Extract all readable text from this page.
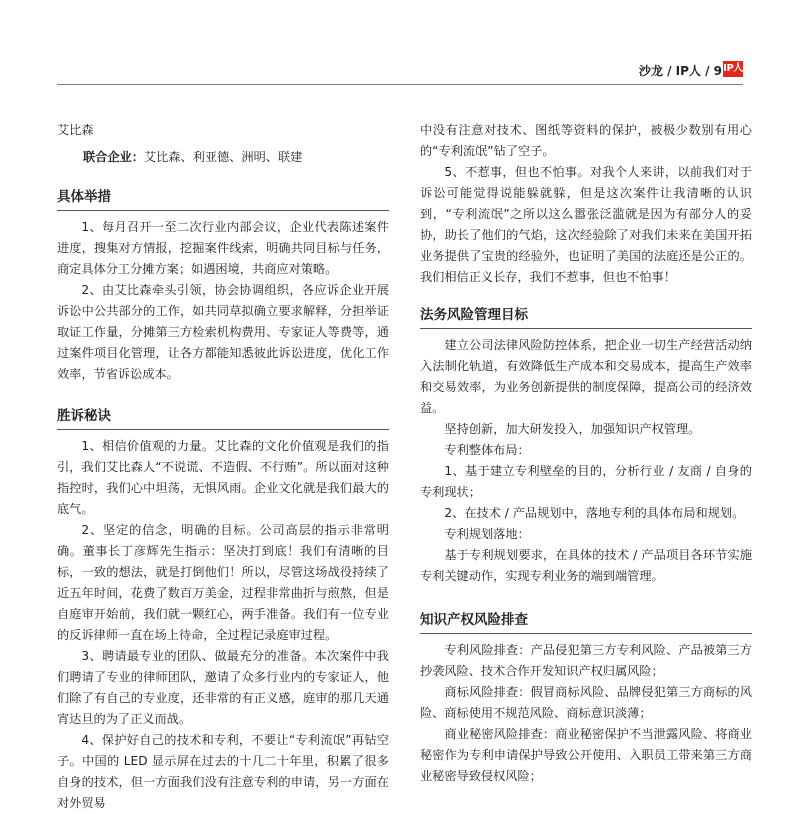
沙龙 / IP人 / 9 IP人

艾比森

联合企业：艾比森、利亚德、洲明、联建

具体举措

1、每月召开一至二次行业内部会议，企业代表陈述案件进度，搜集对方情报，挖掘案件线索，明确共同目标与任务，商定具体分工分摊方案；如遇困境，共商应对策略。

2、由艾比森牵头引领，协会协调组织，各应诉企业开展诉讼中公共部分的工作，如共同草拟确立要求解释，分担举证取证工作量，分摊第三方检索机构费用、专家证人等费等，通过案件项目化管理，让各方都能知悉彼此诉讼进度，优化工作效率，节省诉讼成本。

胜诉秘诀

1、相信价值观的力量。艾比森的文化价值观是我们的指引，我们艾比森人“不说谎、不造假、不行贿”。所以面对这种指控时，我们心中坦荡，无惧风雨。企业文化就是我们最大的底气。

2、坚定的信念，明确的目标。公司高层的指示非常明确。董事长丁彦辉先生指示：坚决打到底！我们有清晰的目标，一致的想法，就是打倒他们！所以，尽管这场战役持续了近五年时间，花费了数百万美金，过程非常曲折与煎熬，但是自庭审开始前，我们就一颗红心，两手准备。我们有一位专业的反诉律师一直在场上待命，全过程记录庭审过程。

3、聘请最专业的团队、做最充分的准备。本次案件中我们聘请了专业的律师团队，邀请了众多行业内的专家证人，他们除了有自己的专业度，还非常的有正义感，庭审的那几天通宵达旦的为了正义而战。

4、保护好自己的技术和专利，不要让“专利流氓”再钻空子。中国的 LED 显示屏在过去的十几二十年里，积累了很多自身的技术，但一方面我们没有注意专利的申请，另一方面在对外贸易

中没有注意对技术、图纸等资料的保护，被极少数别有用心的“专利流氓”钻了空子。

5、不惹事，但也不怕事。对我个人来讲，以前我们对于诉讼可能觉得说能躲就躲，但是这次案件让我清晰的认识到，“专利流氓”之所以这么嚣张泛滥就是因为有部分人的妥协，助长了他们的气焰，这次经验除了对我们未来在美国开拓业务提供了宝贵的经验外，也证明了美国的法庭还是公正的。我们相信正义长存，我们不惹事，但也不怕事！

法务风险管理目标

建立公司法律风险防控体系，把企业一切生产经营活动纳入法制化轨道，有效降低生产成本和交易成本，提高生产效率和交易效率，为业务创新提供的制度保障，提高公司的经济效益。

坚持创新，加大研发投入，加强知识产权管理。

专利整体布局：

1、基于建立专利壁垒的目的，分析行业 / 友商 / 自身的专利现状；

2、在技术 / 产品规划中，落地专利的具体布局和规划。

专利规划落地：

基于专利规划要求，在具体的技术 / 产品项目各环节实施专利关键动作，实现专利业务的端到端管理。

知识产权风险排查

专利风险排查：产品侵犯第三方专利风险、产品被第三方抄袭风险、技术合作开发知识产权归属风险；

商标风险排查：假冒商标风险、品牌侵犯第三方商标的风险、商标使用不规范风险、商标意识淡薄；

商业秘密风险排查：商业秘密保护不当泄露风险、将商业秘密作为专利申请保护导致公开使用、入职员工带来第三方商业秘密导致侵权风险；
